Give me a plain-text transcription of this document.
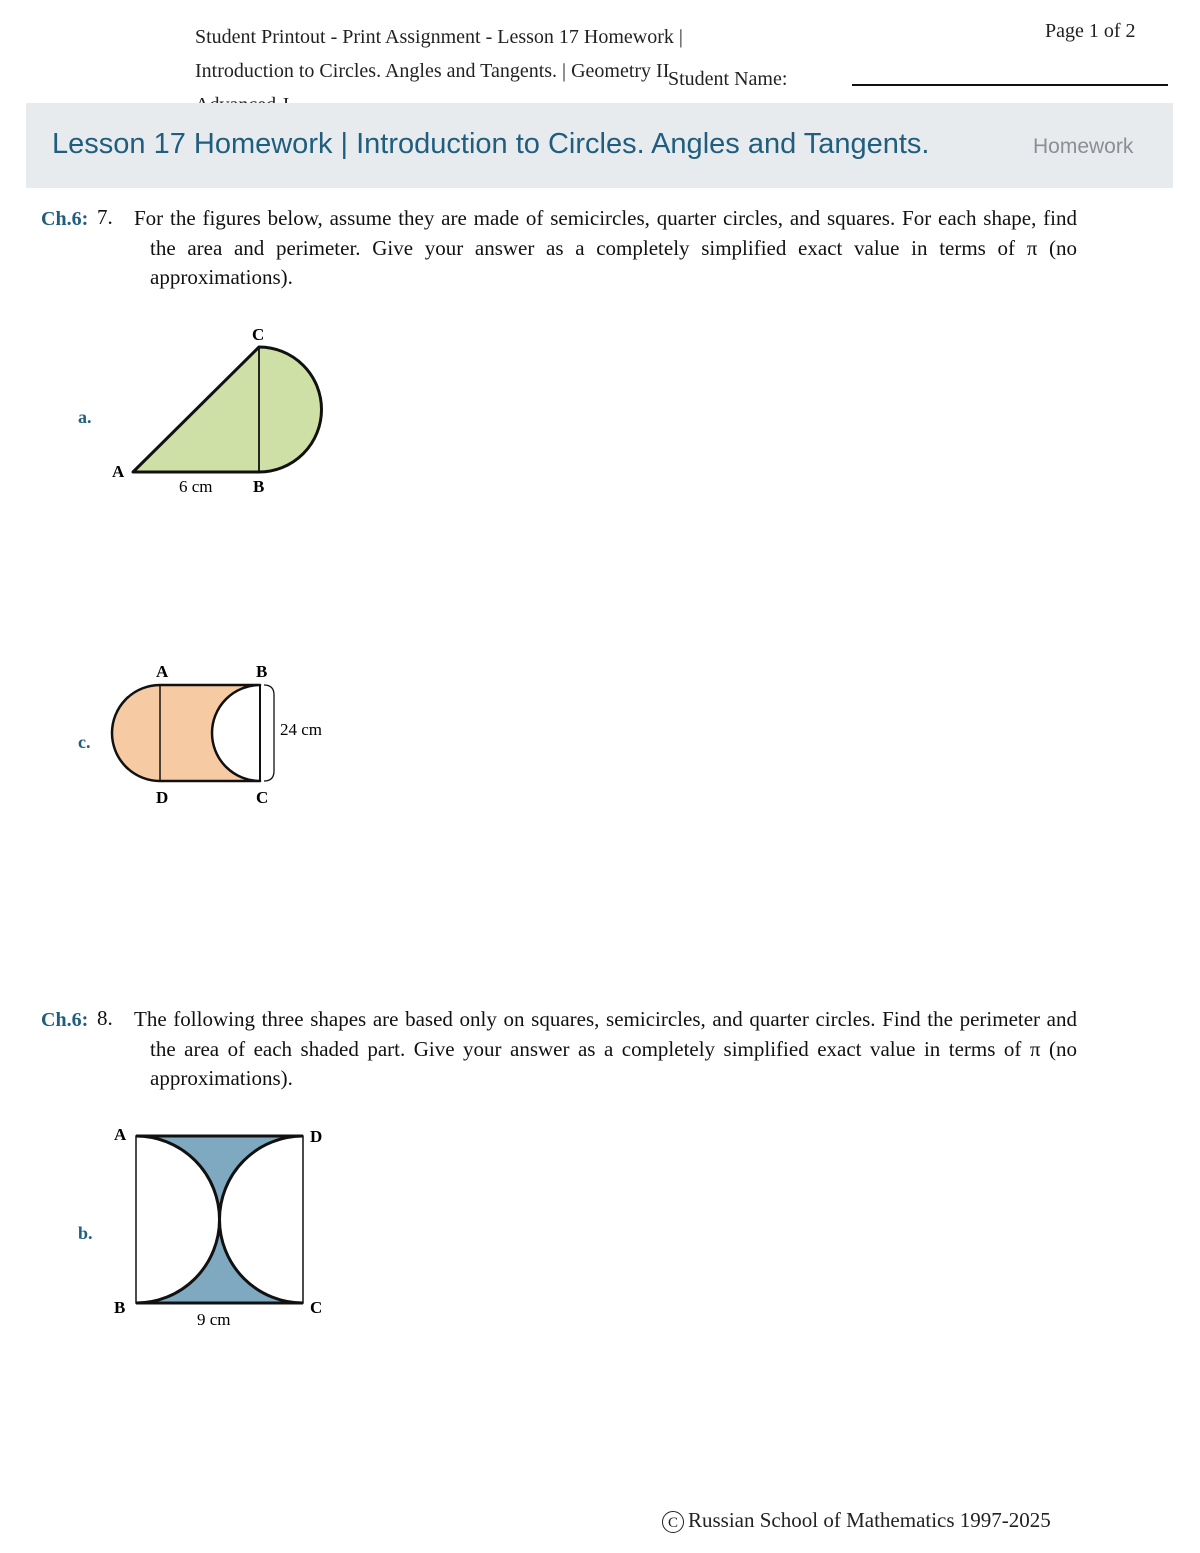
Student Printout - Print Assignment - Lesson 17 Homework |
Introduction to Circles. Angles and Tangents. | Geometry II
Page 1 of 2
Student Name:
Lesson 17 Homework | Introduction to Circles. Angles and Tangents.	Homework
Ch.6: 7. For the figures below, assume they are made of semicircles, quarter circles, and squares. For each shape, find the area and perimeter. Give your answer as a completely simplified exact value in terms of π (no approximations).
a.
C
A
B
6 cm
c.
A	B
C
D
24 cm
Ch.6: 8. The following three shapes are based only on squares, semicircles, and quarter circles. Find the perimeter and the area of each shaded part. Give your answer as a completely simplified exact value in terms of π (no approximations).
b.
A	D
B	C
9 cm
C Russian School of Mathematics 1997-2025
